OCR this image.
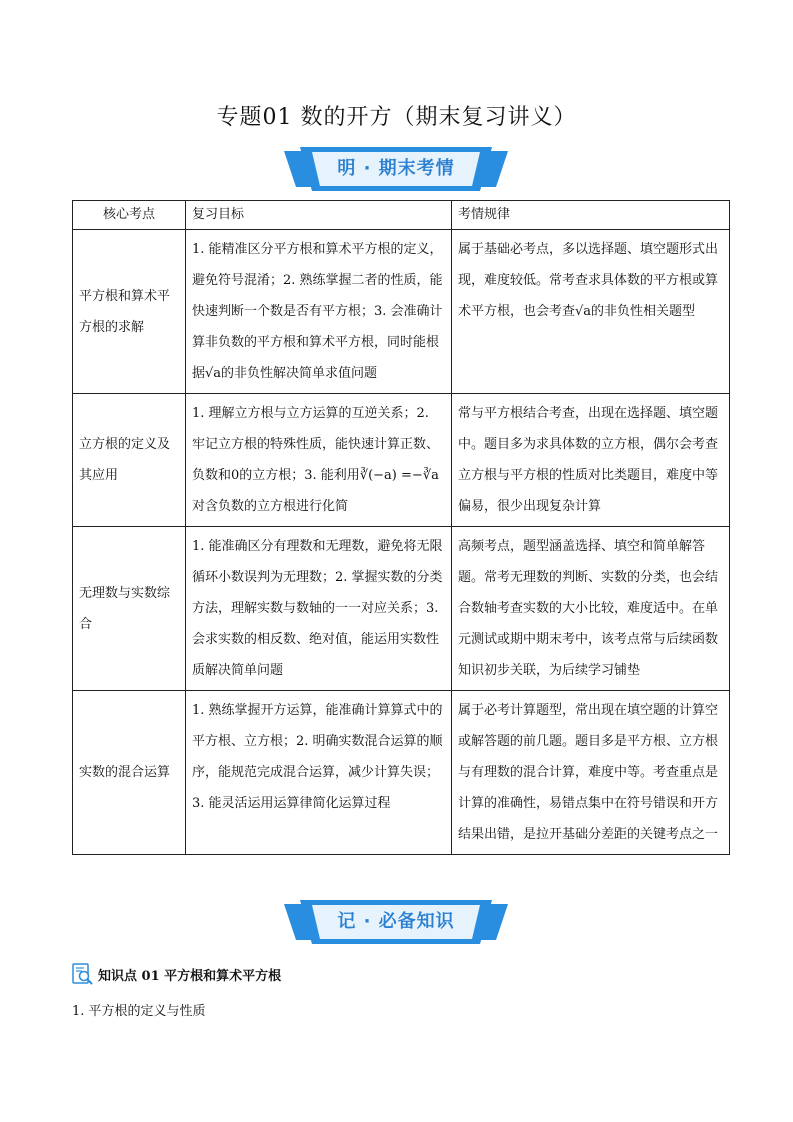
专题01 数的开方（期末复习讲义）
明 · 期末考情
核心考点	复习目标	考情规律
平方根和算术平方根的求解	1. 能精准区分平方根和算术平方根的定义，避免符号混淆；2. 熟练掌握二者的性质，能快速判断一个数是否有平方根；3. 会准确计算非负数的平方根和算术平方根，同时能根据√a的非负性解决简单求值问题	属于基础必考点，多以选择题、填空题形式出现，难度较低。常考查求具体数的平方根或算术平方根，也会考查√a的非负性相关题型
立方根的定义及其应用	1. 理解立方根与立方运算的互逆关系；2. 牢记立方根的特殊性质，能快速计算正数、负数和0的立方根；3. 能利用∛(−a) =−∛a对含负数的立方根进行化简	常与平方根结合考查，出现在选择题、填空题中。题目多为求具体数的立方根，偶尔会考查立方根与平方根的性质对比类题目，难度中等偏易，很少出现复杂计算
无理数与实数综合	1. 能准确区分有理数和无理数，避免将无限循环小数误判为无理数；2. 掌握实数的分类方法，理解实数与数轴的一一对应关系；3. 会求实数的相反数、绝对值，能运用实数性质解决简单问题	高频考点，题型涵盖选择、填空和简单解答题。常考无理数的判断、实数的分类，也会结合数轴考查实数的大小比较，难度适中。在单元测试或期中期末考中，该考点常与后续函数知识初步关联，为后续学习铺垫
实数的混合运算	1. 熟练掌握开方运算，能准确计算算式中的平方根、立方根；2. 明确实数混合运算的顺序，能规范完成混合运算，减少计算失误；3. 能灵活运用运算律简化运算过程	属于必考计算题型，常出现在填空题的计算空或解答题的前几题。题目多是平方根、立方根与有理数的混合计算，难度中等。考查重点是计算的准确性，易错点集中在符号错误和开方结果出错，是拉开基础分差距的关键考点之一
记 · 必备知识
知识点 01 平方根和算术平方根
1. 平方根的定义与性质
